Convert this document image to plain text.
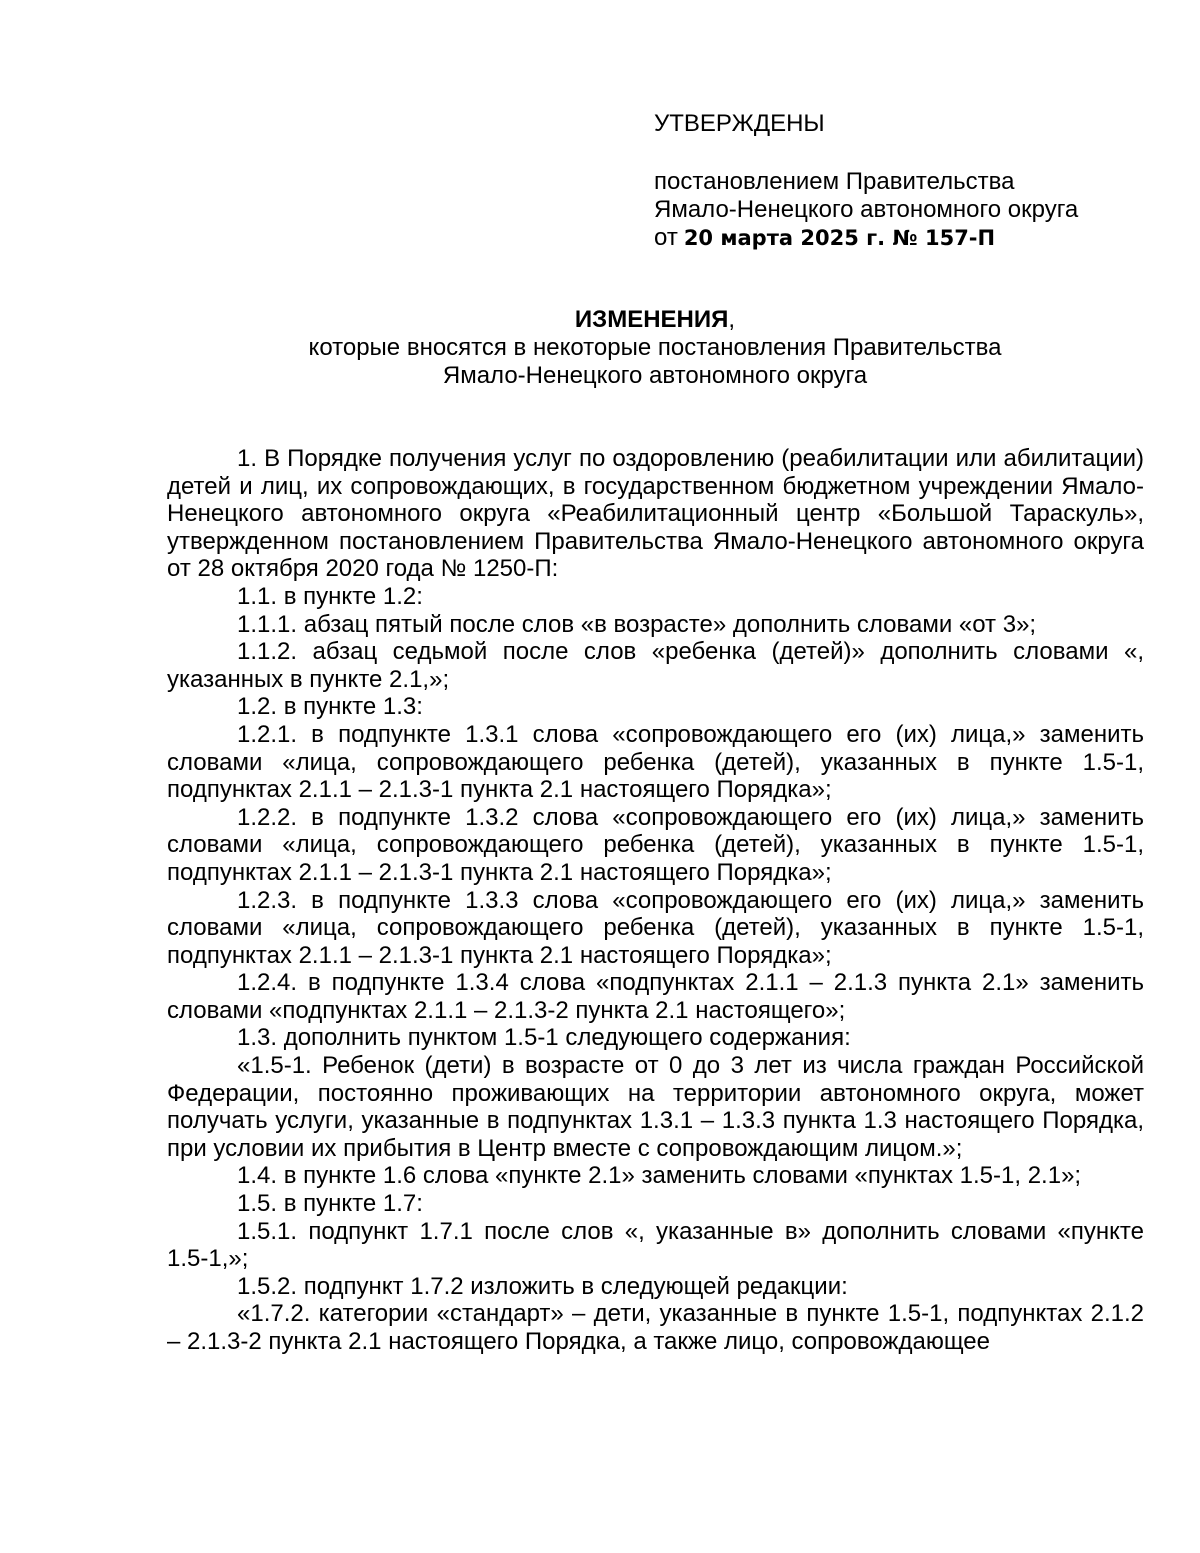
УТВЕРЖДЕНЫ
постановлением Правительства
Ямало-Ненецкого автономного округа
от 20 марта 2025 г. № 157-П
ИЗМЕНЕНИЯ,
которые вносятся в некоторые постановления Правительства
Ямало-Ненецкого автономного округа

1. В Порядке получения услуг по оздоровлению (реабилитации или абилитации) детей и лиц, их сопровождающих, в государственном бюджетном учреждении Ямало-Ненецкого автономного округа «Реабилитационный центр «Большой Тараскуль», утвержденном постановлением Правительства Ямало-Ненецкого автономного округа от 28 октября 2020 года № 1250-П:

1.1. в пункте 1.2:

1.1.1. абзац пятый после слов «в возрасте» дополнить словами «от 3»;

1.1.2. абзац седьмой после слов «ребенка (детей)» дополнить словами «, указанных в пункте 2.1,»;

1.2. в пункте 1.3:

1.2.1. в подпункте 1.3.1 слова «сопровождающего его (их) лица,» заменить словами «лица, сопровождающего ребенка (детей), указанных в пункте 1.5-1, подпунктах 2.1.1 – 2.1.3-1 пункта 2.1 настоящего Порядка»;

1.2.2. в подпункте 1.3.2 слова «сопровождающего его (их) лица,» заменить словами «лица, сопровождающего ребенка (детей), указанных в пункте 1.5-1, подпунктах 2.1.1 – 2.1.3-1 пункта 2.1 настоящего Порядка»;

1.2.3. в подпункте 1.3.3 слова «сопровождающего его (их) лица,» заменить словами «лица, сопровождающего ребенка (детей), указанных в пункте 1.5-1, подпунктах 2.1.1 – 2.1.3-1 пункта 2.1 настоящего Порядка»;

1.2.4. в подпункте 1.3.4 слова «подпунктах 2.1.1 – 2.1.3 пункта 2.1» заменить словами «подпунктах 2.1.1 – 2.1.3-2 пункта 2.1 настоящего»;

1.3. дополнить пунктом 1.5-1 следующего содержания:

«1.5-1. Ребенок (дети) в возрасте от 0 до 3 лет из числа граждан Российской Федерации, постоянно проживающих на территории автономного округа, может получать услуги, указанные в подпунктах 1.3.1 – 1.3.3 пункта 1.3 настоящего Порядка, при условии их прибытия в Центр вместе с сопровождающим лицом.»;

1.4. в пункте 1.6 слова «пункте 2.1» заменить словами «пунктах 1.5-1, 2.1»;

1.5. в пункте 1.7:

1.5.1. подпункт 1.7.1 после слов «, указанные в» дополнить словами «пункте 1.5-1,»;

1.5.2. подпункт 1.7.2 изложить в следующей редакции:

«1.7.2. категории «стандарт» – дети, указанные в пункте 1.5-1, подпунктах 2.1.2 – 2.1.3-2 пункта 2.1 настоящего Порядка, а также лицо, сопровождающее
